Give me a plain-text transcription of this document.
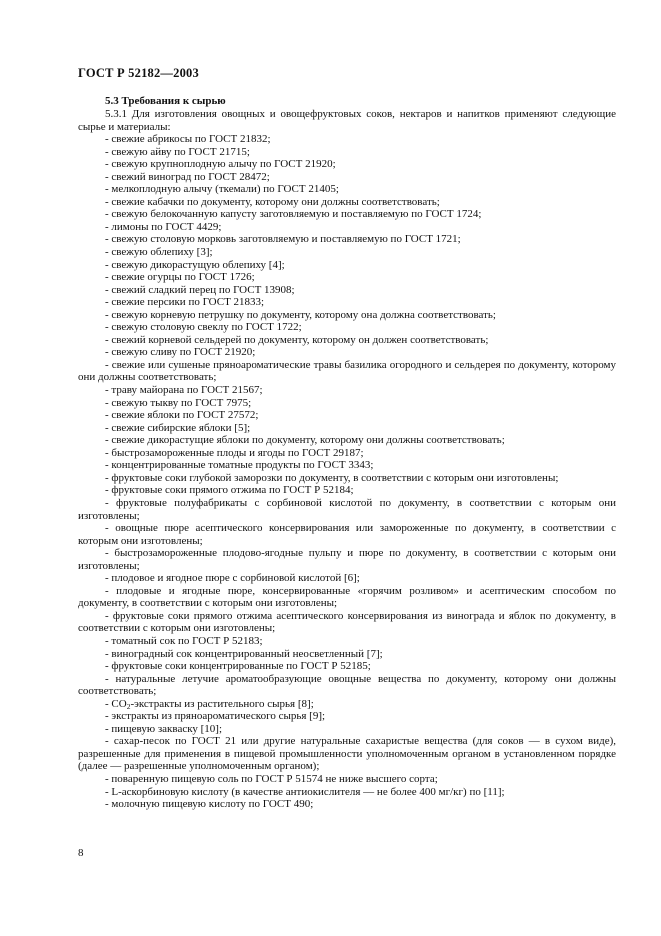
ГОСТ Р 52182—2003
5.3 Требования к сырью
5.3.1 Для изготовления овощных и овощефруктовых соков, нектаров и напитков применяют следующие сырье и материалы:
- свежие абрикосы по ГОСТ 21832;
- свежую айву по ГОСТ 21715;
- свежую крупноплодную алычу по ГОСТ 21920;
- свежий виноград по ГОСТ 28472;
- мелкоплодную алычу (ткемали) по ГОСТ 21405;
- свежие кабачки по документу, которому они должны соответствовать;
- свежую белокочанную капусту заготовляемую и поставляемую по ГОСТ 1724;
- лимоны по ГОСТ 4429;
- свежую столовую морковь заготовляемую и поставляемую по ГОСТ 1721;
- свежую облепиху [3];
- свежую дикорастущую облепиху [4];
- свежие огурцы по ГОСТ 1726;
- свежий сладкий перец по ГОСТ 13908;
- свежие персики по ГОСТ 21833;
- свежую корневую петрушку по документу, которому она должна соответствовать;
- свежую столовую свеклу по ГОСТ 1722;
- свежий корневой сельдерей по документу, которому он должен соответствовать;
- свежую сливу по ГОСТ 21920;
- свежие или сушеные пряноароматические травы базилика огородного и сельдерея по документу, которому они должны соответствовать;
- траву майорана по ГОСТ 21567;
- свежую тыкву по ГОСТ 7975;
- свежие яблоки по ГОСТ 27572;
- свежие сибирские яблоки [5];
- свежие дикорастущие яблоки по документу, которому они должны соответствовать;
- быстрозамороженные плоды и ягоды по ГОСТ 29187;
- концентрированные томатные продукты по ГОСТ 3343;
- фруктовые соки глубокой заморозки по документу, в соответствии с которым они изготовлены;
- фруктовые соки прямого отжима по ГОСТ Р 52184;
- фруктовые полуфабрикаты с сорбиновой кислотой по документу, в соответствии с которым они изготовлены;
- овощные пюре асептического консервирования или замороженные по документу, в соответствии с которым они изготовлены;
- быстрозамороженные плодово-ягодные пульпу и пюре по документу, в соответствии с которым они изготовлены;
- плодовое и ягодное пюре с сорбиновой кислотой [6];
- плодовые и ягодные пюре, консервированные «горячим розливом» и асептическим способом по документу, в соответствии с которым они изготовлены;
- фруктовые соки прямого отжима асептического консервирования из винограда и яблок по документу, в соответствии с которым они изготовлены;
- томатный сок по ГОСТ Р 52183;
- виноградный сок концентрированный неосветленный [7];
- фруктовые соки концентрированные по ГОСТ Р 52185;
- натуральные летучие ароматообразующие овощные вещества по документу, которому они должны соответствовать;
- $CO_2$-экстракты из растительного сырья [8];
- экстракты из пряноароматического сырья [9];
- пищевую закваску [10];
- сахар-песок по ГОСТ 21 или другие натуральные сахаристые вещества (для соков — в сухом виде), разрешенные для применения в пищевой промышленности уполномоченным органом в установленном порядке (далее — разрешенные уполномоченным органом);
- поваренную пищевую соль по ГОСТ Р 51574 не ниже высшего сорта;
- L-аскорбиновую кислоту (в качестве антиокислителя — не более 400 мг/кг) по [11];
- молочную пищевую кислоту по ГОСТ 490;
8
